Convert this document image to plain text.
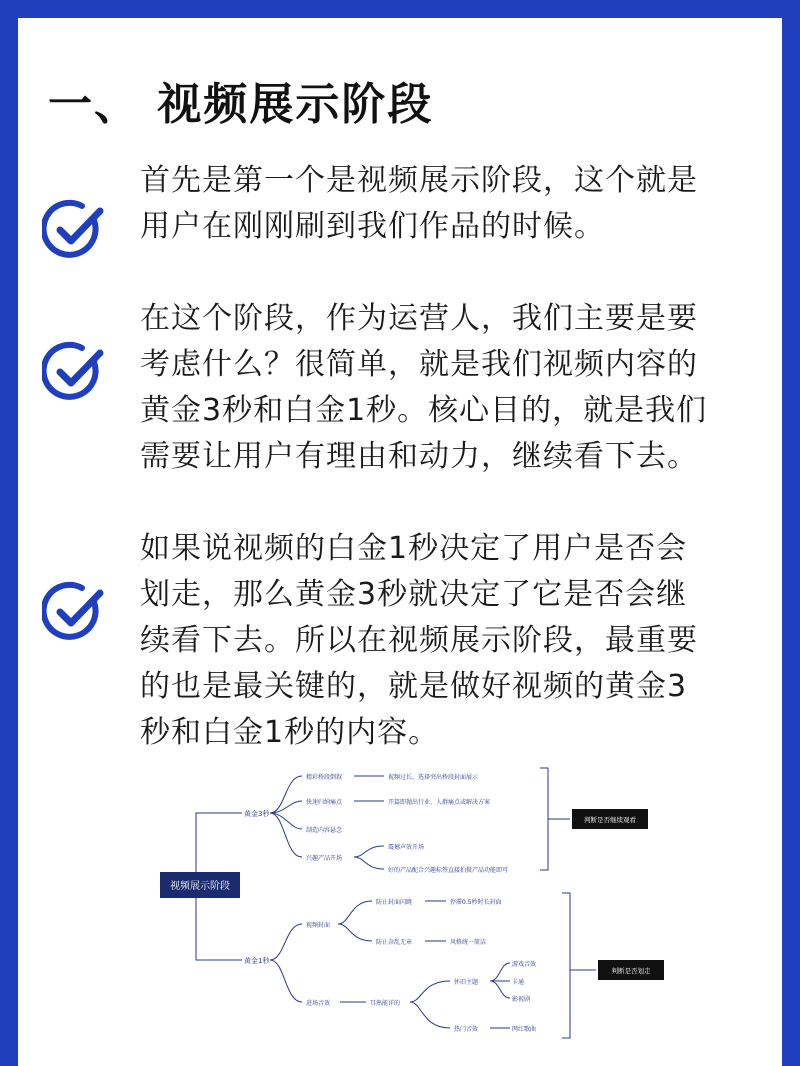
一、 视频展示阶段

首先是第一个是视频展示阶段，这个就是
用户在刚刚刷到我们作品的时候。

在这个阶段，作为运营人，我们主要是要
考虑什么？很简单，就是我们视频内容的
黄金3秒和白金1秒。核心目的，就是我们
需要让用户有理由和动力，继续看下去。

如果说视频的白金1秒决定了用户是否会
划走，那么黄金3秒就决定了它是否会继
续看下去。所以在视频展示阶段，最重要
的也是最关键的，就是做好视频的黄金3
秒和白金1秒的内容。

视频展示阶段
黄金3秒
精彩桥段倒叙
快速归纳痛点
制造内容悬念
兴趣产品开场
视频过长，选择突出桥段封面展示
开篇即抛出行业、人群痛点或解决方案
震撼声效开场
好的产品配合兴趣标签直接拍摄产品功能即可
判断是否继续观看
黄金1秒
视频封面
进场音效
防止封面闪跳
防止杂乱无章
停滞0.5秒时长封面
风格统一简洁
耳熟能详的
怀旧主题
热门音效
游戏音效
卡通
影视剧
网红歌曲
判断是否划走
